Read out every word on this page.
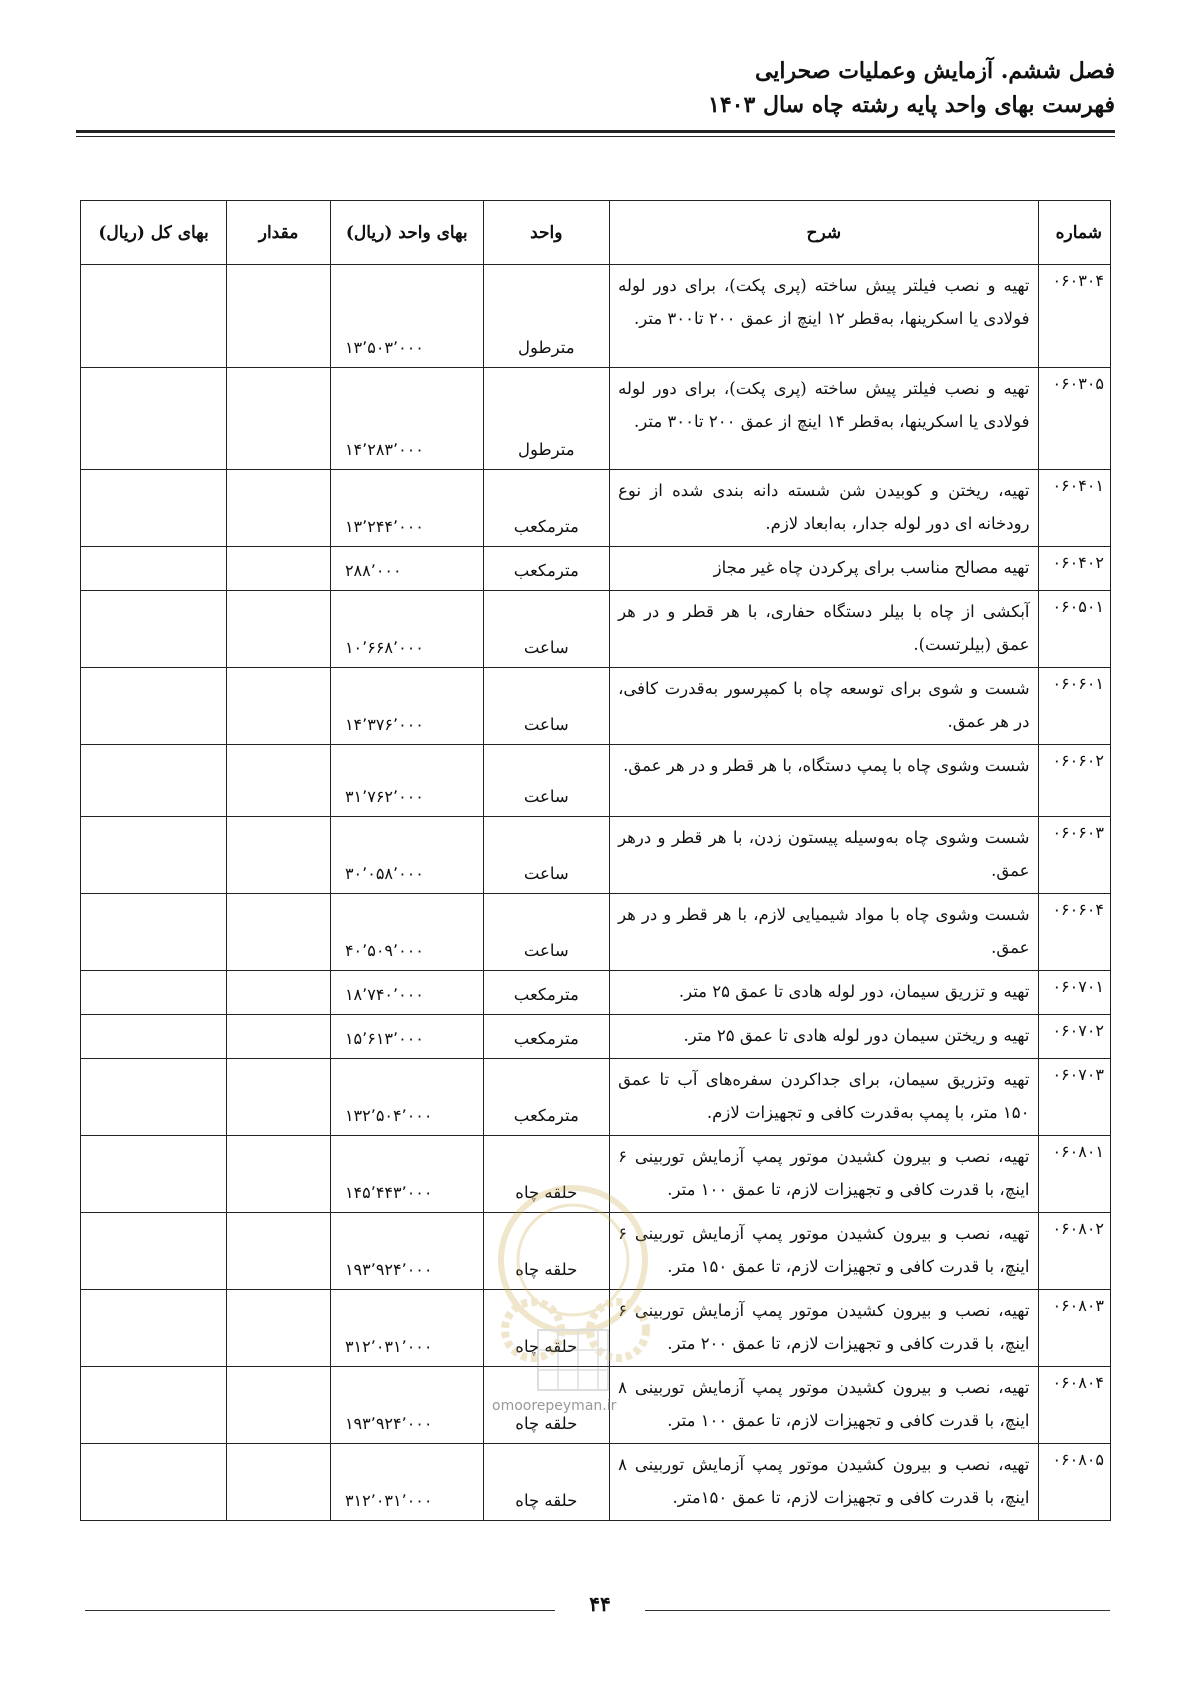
فصل ششم. آزمایش وعملیات صحرایی
فهرست بهای واحد پایه رشته چاه سال ۱۴۰۳
شماره	شرح	واحد	بهای واحد (ریال)	مقدار	بهای کل (ریال)
۰۶۰۳۰۴	تهیه و نصب فیلتر پیش ساخته (پری پکت)، برای دور لوله فولادی یا اسکرینها، به‌قطر ۱۲ اینچ از عمق ۲۰۰ تا۳۰۰ متر.	مترطول	۱۳٬۵۰۳٬۰۰۰		
۰۶۰۳۰۵	تهیه و نصب فیلتر پیش ساخته (پری پکت)، برای دور لوله فولادی یا اسکرینها، به‌قطر ۱۴ اینچ از عمق ۲۰۰ تا۳۰۰ متر.	مترطول	۱۴٬۲۸۳٬۰۰۰		
۰۶۰۴۰۱	تهیه، ریختن و کوبیدن شن شسته دانه بندی شده از نوع رودخانه ای دور لوله جدار، به‌ابعاد لازم.	مترمکعب	۱۳٬۲۴۴٬۰۰۰		
۰۶۰۴۰۲	تهیه مصالح مناسب برای پرکردن چاه غیر مجاز	مترمکعب	۲۸۸٬۰۰۰		
۰۶۰۵۰۱	آبکشی از چاه با بیلر دستگاه حفاری، با هر قطر و در هر عمق (بیلرتست).	ساعت	۱۰٬۶۶۸٬۰۰۰		
۰۶۰۶۰۱	شست و شوی برای توسعه چاه با کمپرسور به‌قدرت کافی، در هر عمق.	ساعت	۱۴٬۳۷۶٬۰۰۰		
۰۶۰۶۰۲	شست وشوی چاه با پمپ دستگاه، با هر قطر و در هر عمق.	ساعت	۳۱٬۷۶۲٬۰۰۰		
۰۶۰۶۰۳	شست وشوی چاه به‌وسیله پیستون زدن، با هر قطر و درهر عمق.	ساعت	۳۰٬۰۵۸٬۰۰۰		
۰۶۰۶۰۴	شست وشوی چاه با مواد شیمیایی لازم، با هر قطر و در هر عمق.	ساعت	۴۰٬۵۰۹٬۰۰۰		
۰۶۰۷۰۱	تهیه و تزریق سیمان، دور لوله هادی تا عمق ۲۵ متر.	مترمکعب	۱۸٬۷۴۰٬۰۰۰		
۰۶۰۷۰۲	تهیه و ریختن سیمان دور لوله هادی تا عمق ۲۵ متر.	مترمکعب	۱۵٬۶۱۳٬۰۰۰		
۰۶۰۷۰۳	تهیه وتزریق سیمان، برای جداکردن سفره‌های آب تا عمق ۱۵۰ متر، با پمپ به‌قدرت کافی و تجهیزات لازم.	مترمکعب	۱۳۲٬۵۰۴٬۰۰۰		
۰۶۰۸۰۱	تهیه، نصب و بیرون کشیدن موتور پمپ آزمایش توربینی ۶ اینچ، با قدرت کافی و تجهیزات لازم، تا عمق ۱۰۰ متر.	حلقه چاه	۱۴۵٬۴۴۳٬۰۰۰		
۰۶۰۸۰۲	تهیه، نصب و بیرون کشیدن موتور پمپ آزمایش توربینی ۶ اینچ، با قدرت کافی و تجهیزات لازم، تا عمق ۱۵۰ متر.	حلقه چاه	۱۹۳٬۹۲۴٬۰۰۰		
۰۶۰۸۰۳	تهیه، نصب و بیرون کشیدن موتور پمپ آزمایش توربینی ۶ اینچ، با قدرت کافی و تجهیزات لازم، تا عمق ۲۰۰ متر.	حلقه چاه	۳۱۲٬۰۳۱٬۰۰۰		
۰۶۰۸۰۴	تهیه، نصب و بیرون کشیدن موتور پمپ آزمایش توربینی ۸ اینچ، با قدرت کافی و تجهیزات لازم، تا عمق ۱۰۰ متر.	حلقه چاه	۱۹۳٬۹۲۴٬۰۰۰		
۰۶۰۸۰۵	تهیه، نصب و بیرون کشیدن موتور پمپ آزمایش توربینی ۸ اینچ، با قدرت کافی و تجهیزات لازم، تا عمق ۱۵۰متر.	حلقه چاه	۳۱۲٬۰۳۱٬۰۰۰		
omoorepeyman.ir
۴۴
